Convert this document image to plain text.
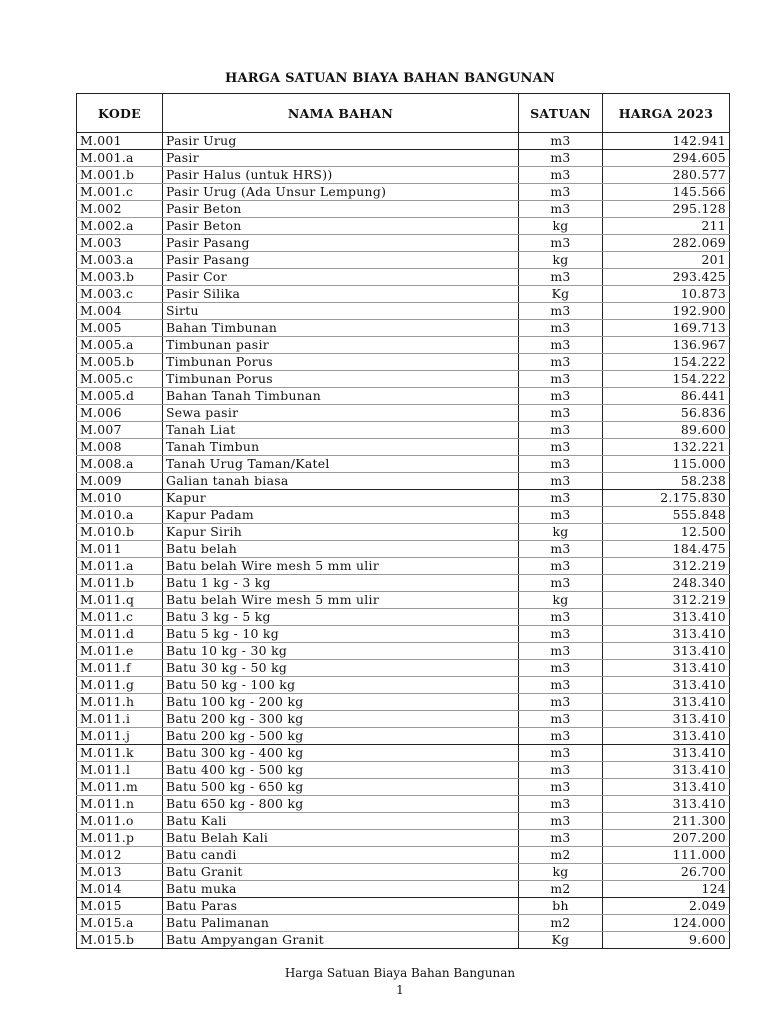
HARGA SATUAN BIAYA BAHAN BANGUNAN
KODE	NAMA BAHAN	SATUAN	HARGA 2023
M.001	Pasir Urug	m3	142.941
M.001.a	Pasir	m3	294.605
M.001.b	Pasir Halus (untuk HRS))	m3	280.577
M.001.c	Pasir Urug (Ada Unsur Lempung)	m3	145.566
M.002	Pasir Beton	m3	295.128
M.002.a	Pasir Beton	kg	211
M.003	Pasir Pasang	m3	282.069
M.003.a	Pasir Pasang	kg	201
M.003.b	Pasir Cor	m3	293.425
M.003.c	Pasir Silika	Kg	10.873
M.004	Sirtu	m3	192.900
M.005	Bahan Timbunan	m3	169.713
M.005.a	Timbunan pasir	m3	136.967
M.005.b	Timbunan Porus	m3	154.222
M.005.c	Timbunan Porus	m3	154.222
M.005.d	Bahan Tanah Timbunan	m3	86.441
M.006	Sewa pasir	m3	56.836
M.007	Tanah Liat	m3	89.600
M.008	Tanah Timbun	m3	132.221
M.008.a	Tanah Urug Taman/Katel	m3	115.000
M.009	Galian tanah biasa	m3	58.238
M.010	Kapur	m3	2.175.830
M.010.a	Kapur Padam	m3	555.848
M.010.b	Kapur Sirih	kg	12.500
M.011	Batu belah	m3	184.475
M.011.a	Batu belah Wire mesh 5 mm ulir	m3	312.219
M.011.b	Batu 1 kg - 3 kg	m3	248.340
M.011.q	Batu belah Wire mesh 5 mm ulir	kg	312.219
M.011.c	Batu 3 kg - 5 kg	m3	313.410
M.011.d	Batu 5 kg - 10 kg	m3	313.410
M.011.e	Batu 10 kg - 30 kg	m3	313.410
M.011.f	Batu 30 kg - 50 kg	m3	313.410
M.011.g	Batu 50 kg - 100 kg	m3	313.410
M.011.h	Batu 100 kg - 200 kg	m3	313.410
M.011.i	Batu 200 kg - 300 kg	m3	313.410
M.011.j	Batu 200 kg - 500 kg	m3	313.410
M.011.k	Batu 300 kg - 400 kg	m3	313.410
M.011.l	Batu 400 kg - 500 kg	m3	313.410
M.011.m	Batu 500 kg - 650 kg	m3	313.410
M.011.n	Batu 650 kg - 800 kg	m3	313.410
M.011.o	Batu Kali	m3	211.300
M.011.p	Batu Belah Kali	m3	207.200
M.012	Batu candi	m2	111.000
M.013	Batu Granit	kg	26.700
M.014	Batu muka	m2	124
M.015	Batu Paras	bh	2.049
M.015.a	Batu Palimanan	m2	124.000
M.015.b	Batu Ampyangan Granit	Kg	9.600
Harga Satuan Biaya Bahan Bangunan
1
